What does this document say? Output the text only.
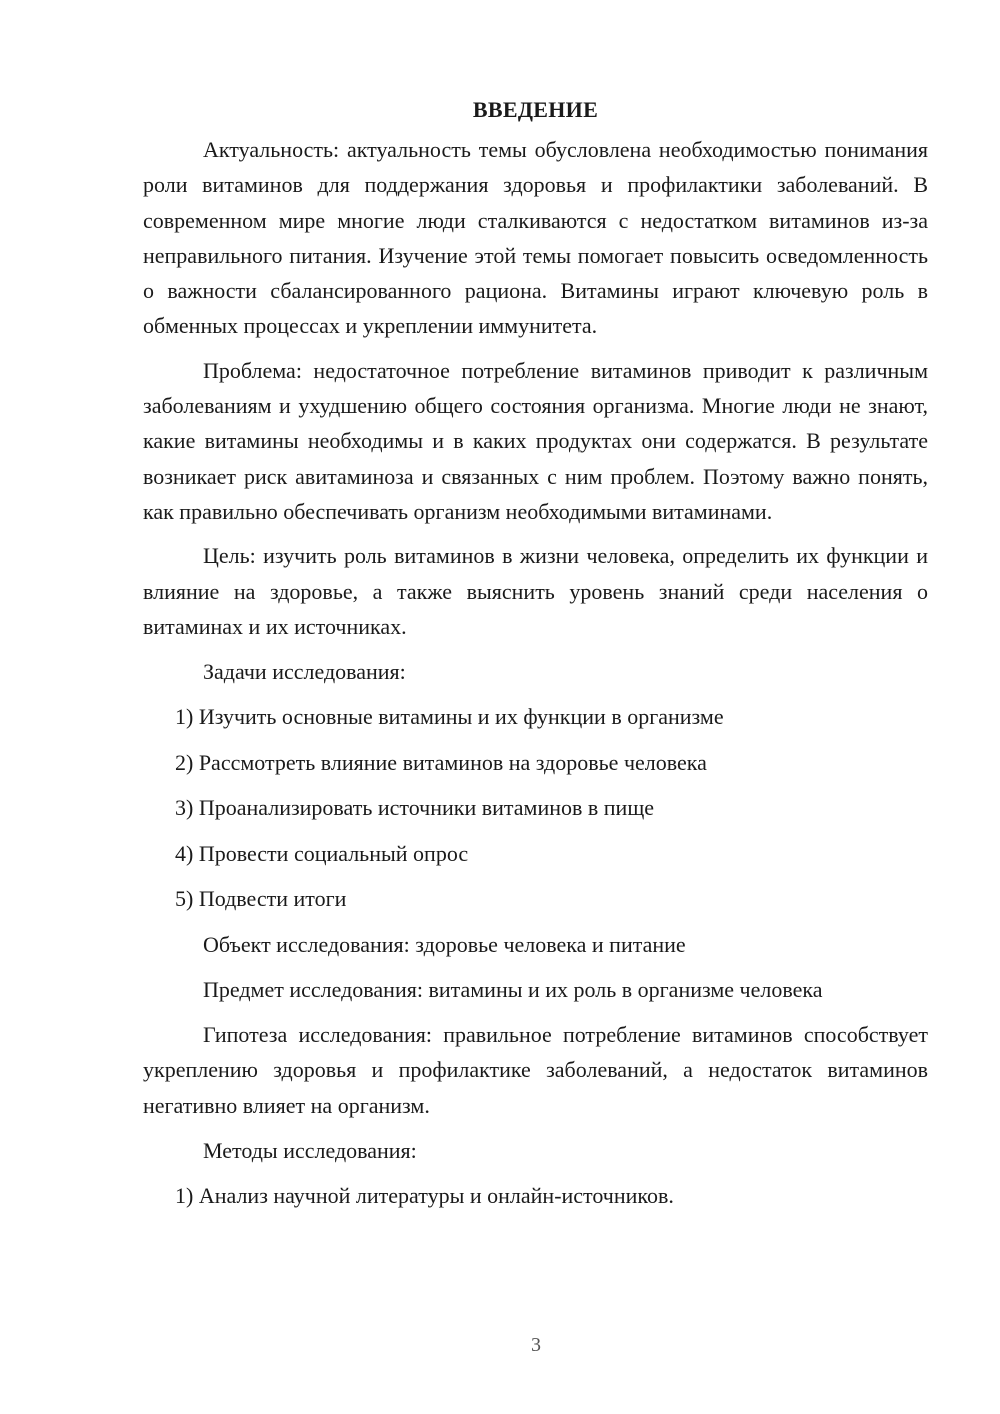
ВВЕДЕНИЕ

Актуальность: актуальность темы обусловлена необходимостью понимания роли витаминов для поддержания здоровья и профилактики заболеваний. В современном мире многие люди сталкиваются с недостатком витаминов из-за неправильного питания. Изучение этой темы помогает повысить осведомленность о важности сбалансированного рациона. Витамины играют ключевую роль в обменных процессах и укреплении иммунитета.

Проблема: недостаточное потребление витаминов приводит к различным заболеваниям и ухудшению общего состояния организма. Многие люди не знают, какие витамины необходимы и в каких продуктах они содержатся. В результате возникает риск авитаминоза и связанных с ним проблем. Поэтому важно понять, как правильно обеспечивать организм необходимыми витаминами.

Цель: изучить роль витаминов в жизни человека, определить их функции и влияние на здоровье, а также выяснить уровень знаний среди населения о витаминах и их источниках.

Задачи исследования:

1) Изучить основные витамины и их функции в организме

2) Рассмотреть влияние витаминов на здоровье человека

3) Проанализировать источники витаминов в пище

4) Провести социальный опрос

5) Подвести итоги

Объект исследования: здоровье человека и питание

Предмет исследования: витамины и их роль в организме человека

Гипотеза исследования: правильное потребление витаминов способствует укреплению здоровья и профилактике заболеваний, а недостаток витаминов негативно влияет на организм.

Методы исследования:

1) Анализ научной литературы и онлайн-источников.

3
